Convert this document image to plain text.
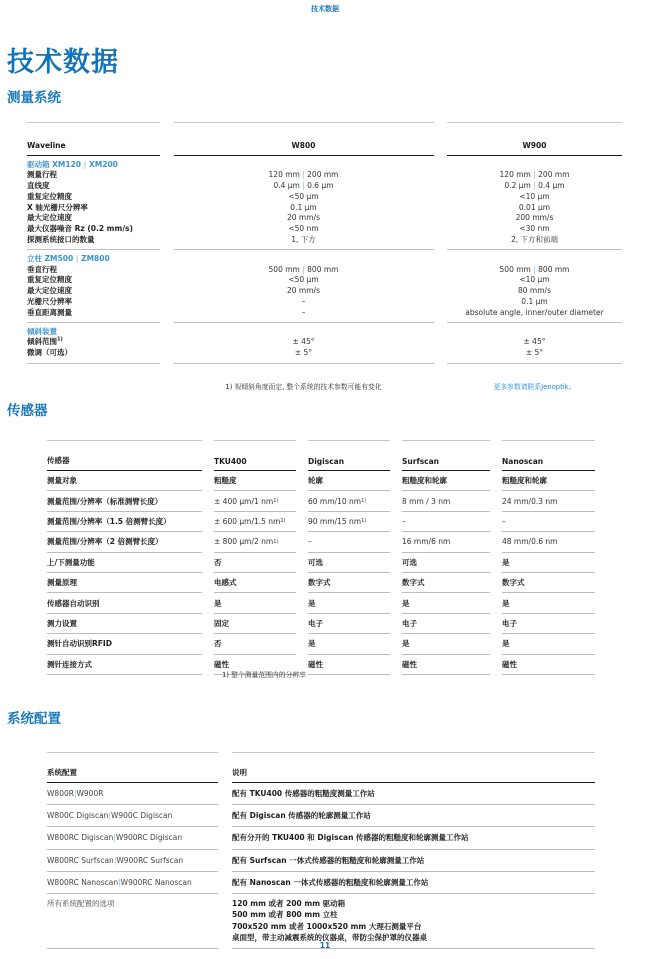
技术数据
技术数据
测量系统
Waveline	W800	W900
驱动箱 XM120 | XM200
测量行程	120 mm | 200 mm	120 mm | 200 mm
直线度	0.4 μm | 0.6 μm	0.2 μm | 0.4 μm
重复定位精度	<50 μm	<10 μm
X 轴光栅尺分辨率	0.1 μm	0.01 μm
最大定位速度	20 mm/s	200 mm/s
最大仪器噪音 Rz (0.2 mm/s)	<50 nm	<30 nm
探测系统接口的数量	1, 下方	2, 下方和前端
立柱 ZM500 | ZM800
垂直行程	500 mm | 800 mm	500 mm | 800 mm
重复定位精度	<50 μm	<10 μm
最大定位速度	20 mm/s	80 mm/s
光栅尺分辨率	–	0.1 μm
垂直距离测量	–	absolute angle, inner/outer diameter
倾斜装置
倾斜范围$^{1)}$	± 45°	± 45°
微调（可选）	± 5°	± 5°
1) 视倾斜角度而定, 整个系统的技术参数可能有变化	更多参数请联系Jenoptik。
传感器
传感器	TKU400	Digiscan	Surfscan	Nanoscan
测量对象	粗糙度	轮廓	粗糙度和轮廓	粗糙度和轮廓
测量范围/分辨率（标准测臂长度）	± 400 μm/1 nm 1)	60 mm/10 nm 1)	8 mm / 3 nm	24 mm/0.3 nm
测量范围/分辨率（1.5 倍测臂长度）	± 600 μm/1.5 nm 1)	90 mm/15 nm 1)	–	–
测量范围/分辨率（2 倍测臂长度）	± 800 μm/2 nm 1)	–	16 mm/6 nm	48 mm/0.6 nm
上/下测量功能	否	可选	可选	是
测量原理	电感式	数字式	数字式	数字式
传感器自动识别	是	是	是	是
测力设置	固定	电子	电子	电子
测针自动识别RFID	否	是	是	是
测针连接方式	磁性	磁性	磁性	磁性
1) 整个测量范围内的分辨率
系统配置
系统配置	说明
W800R | W900R	配有 TKU400 传感器的粗糙度测量工作站
W800C Digiscan | W900C Digiscan	配有 Digiscan 传感器的轮廓测量工作站
W800RC Digiscan | W900RC Digiscan	配有分开的 TKU400 和 Digiscan 传感器的粗糙度和轮廓测量工作站
W800RC Surfscan | W900RC Surfscan	配有 Surfscan 一体式传感器的粗糙度和轮廓测量工作站
W800RC Nanoscan | W900RC Nanoscan	配有 Nanoscan 一体式传感器的粗糙度和轮廓测量工作站
所有系统配置的选项	120 mm 或者 200 mm 驱动箱
500 mm 或者 800 mm 立柱
700x520 mm 或者 1000x520 mm 大理石测量平台
桌面型，带主动减震系统的仪器桌，带防尘保护罩的仪器桌
11
